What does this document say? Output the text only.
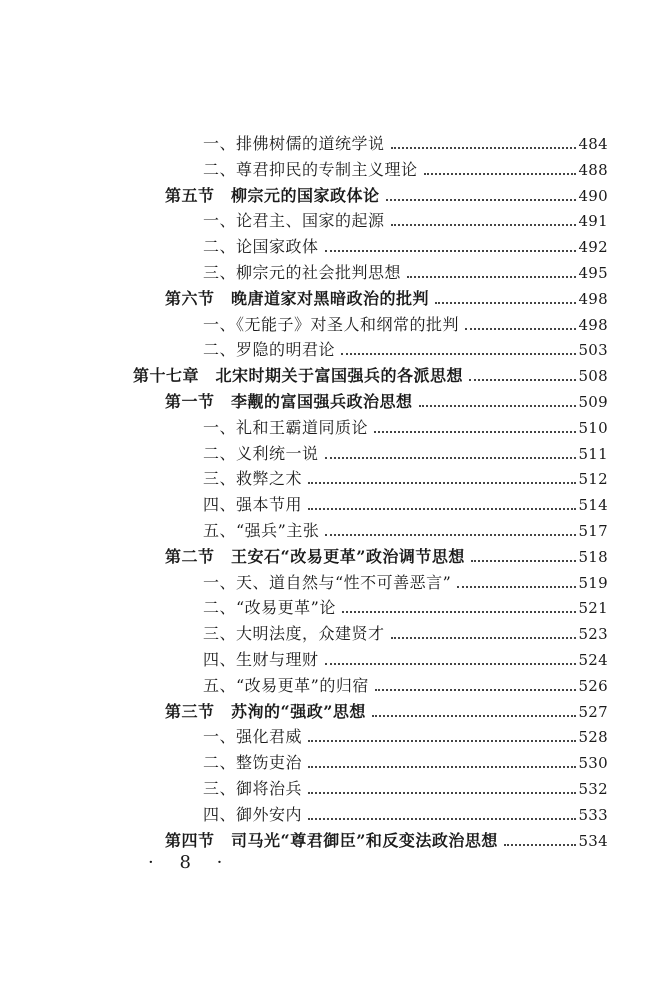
一、排佛树儒的道统学说	484
二、尊君抑民的专制主义理论	488
第五节　柳宗元的国家政体论	490
一、论君主、国家的起源	491
二、论国家政体	492
三、柳宗元的社会批判思想	495
第六节　晚唐道家对黑暗政治的批判	498
一、《无能子》对圣人和纲常的批判	498
二、罗隐的明君论	503
第十七章　北宋时期关于富国强兵的各派思想	508
第一节　李觏的富国强兵政治思想	509
一、礼和王霸道同质论	510
二、义利统一说	511
三、救弊之术	512
四、强本节用	514
五、“强兵”主张	517
第二节　王安石“改易更革”政治调节思想	518
一、天、道自然与“性不可善恶言”	519
二、“改易更革”论	521
三、大明法度，众建贤才	523
四、生财与理财	524
五、“改易更革”的归宿	526
第三节　苏洵的“强政”思想	527
一、强化君威	528
二、整饬吏治	530
三、御将治兵	532
四、御外安内	533
第四节　司马光“尊君御臣”和反变法政治思想	534
· 8 ·
